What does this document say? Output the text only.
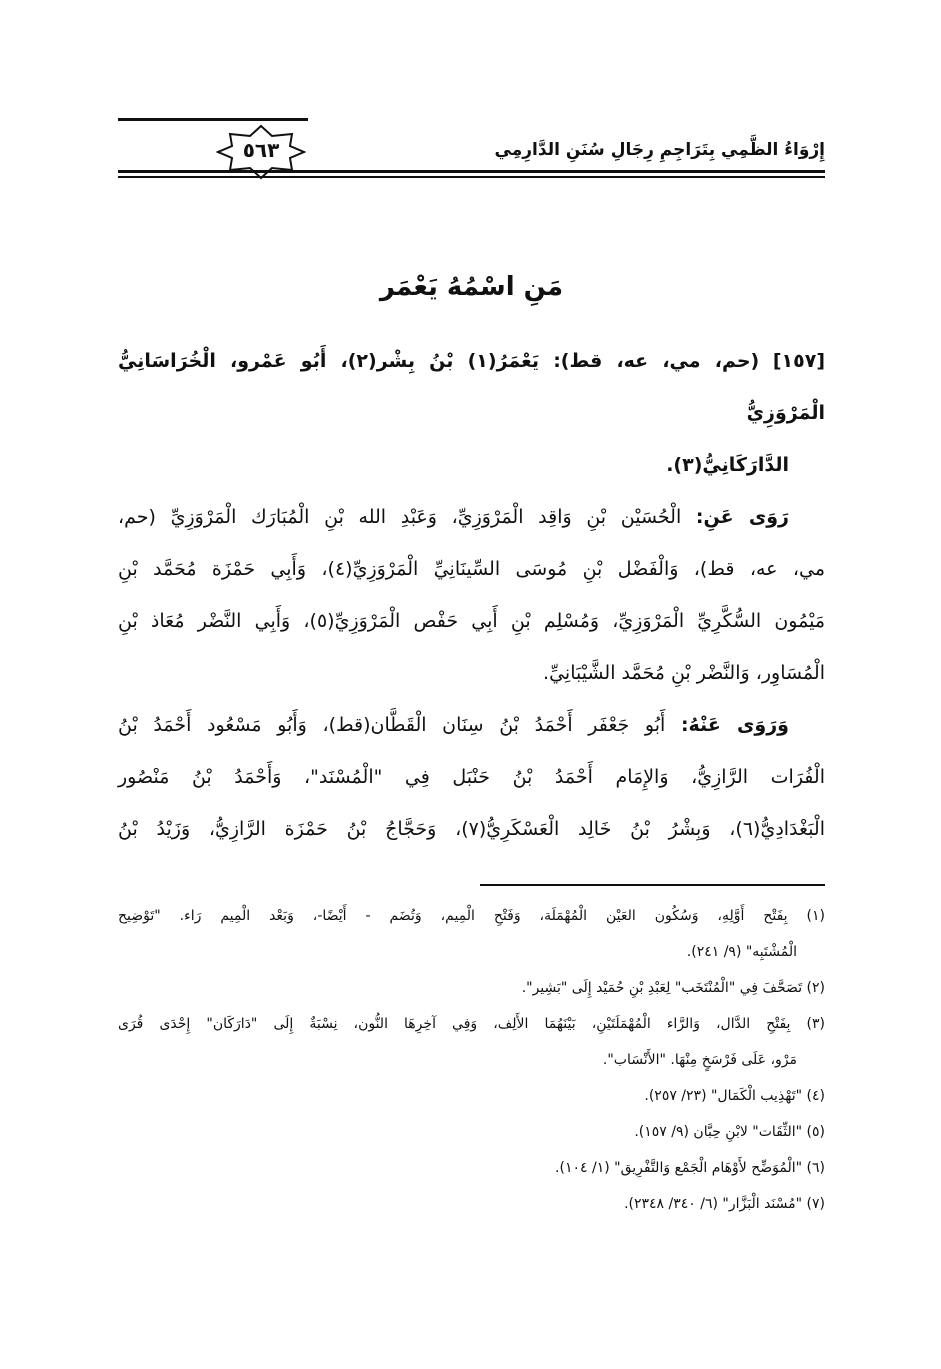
٥٦٣	إِرْوَاءُ الظَّمِي بِتَرَاجِمِ رِجَالِ سُنَنِ الدَّارِمِي
مَنِ اسْمُهُ يَعْمَر
[١٥٧] (حم، مي، عه، قط): يَعْمَرُ(١) بْنُ بِشْر(٢)، أَبُو عَمْرو، الْخُرَاسَانِيُّ الْمَرْوَزِيُّ
الدَّارَكَانِيُّ(٣).
رَوَى عَنِ: الْحُسَيْن بْنِ وَاقِد الْمَرْوَزِيِّ، وَعَبْدِ الله بْنِ الْمُبَارَك الْمَرْوَزِيِّ (حم،
مي، عه، قط)، وَالْفَضْل بْنِ مُوسَى السِّينَانِيِّ الْمَرْوَزِيِّ(٤)، وَأَبِي حَمْزَة مُحَمَّد بْنِ
مَيْمُون السُّكَّرِيِّ الْمَرْوَزِيِّ، وَمُسْلِم بْنِ أَبِي حَفْص الْمَرْوَزِيِّ(٥)، وَأَبِي النَّضْر مُعَاذ بْنِ
الْمُسَاوِر، وَالنَّضْر بْنِ مُحَمَّد الشَّيْبَانِيِّ.
وَرَوَى عَنْهُ: أَبُو جَعْفَر أَحْمَدُ بْنُ سِنَان الْقَطَّان(قط)، وَأَبُو مَسْعُود أَحْمَدُ بْنُ
الْفُرَات الرَّازِيُّ، وَالإِمَام أَحْمَدُ بْنُ حَنْبَل فِي "الْمُسْنَد"، وَأَحْمَدُ بْنُ مَنْصُور
الْبَغْدَادِيُّ(٦)، وَبِشْرُ بْنُ خَالِد الْعَسْكَرِيُّ(٧)، وَحَجَّاجُ بْنُ حَمْزَة الرَّازِيُّ، وَزَيْدُ بْنُ
(١) بِفَتْح أَوَّلِهِ، وَسُكُون العَيْن الْمُهْمَلَة، وَفَتْحِ الْمِيم، وَتُضَم - أَيْضًا-، وَبَعْد الْمِيم رَاء. "تَوْضِيح
الْمُشْتَبِه" (٩/ ٢٤١).
(٢) تَصَحَّفَ فِي "الْمُنْتَخَب" لِعَبْدِ بْنِ حُمَيْد إِلَى "بَشِير".
(٣) بِفَتْحِ الدَّال، وَالرَّاء الْمُهْمَلَتَيْنِ، بَيْنَهُمَا الأَلِف، وَفِي آخِرِهَا النُّون، نِسْبَةٌ إِلَى "دَارَكَان" إِحْدَى قُرَى
مَرْو، عَلَى فَرْسَخٍ مِنْهَا. "الأَنْسَاب".
(٤) "تَهْذِيب الْكَمَال" (٢٣/ ٢٥٧).
(٥) "الثِّقَات" لابْنِ حِبَّان (٩/ ١٥٧).
(٦) "الْمُوَضِّح لأَوْهَام الْجَمْع وَالتَّفْرِيق" (١/ ١٠٤).
(٧) "مُسْنَد الْبَزَّار" (٦/ ٣٤٠/ ٢٣٤٨).
